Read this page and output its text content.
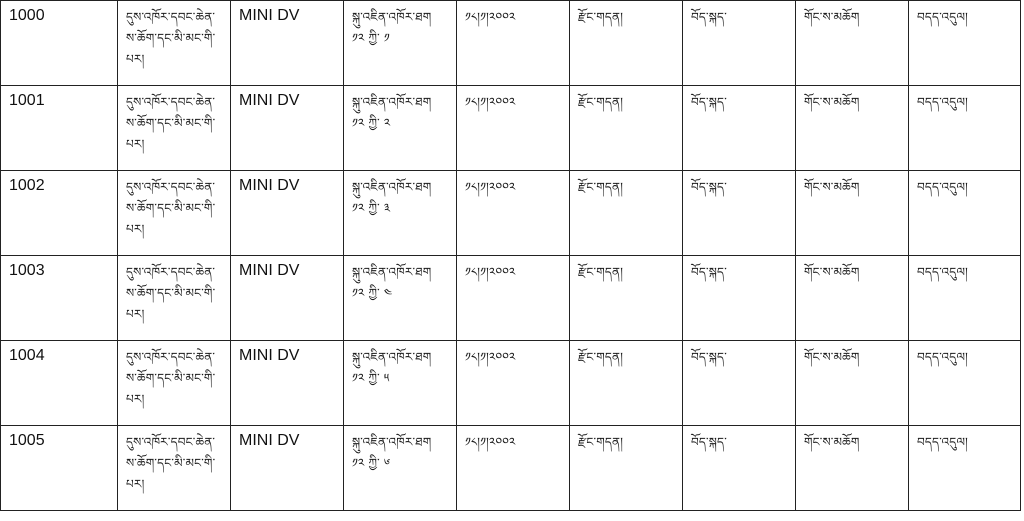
1000	དུས་འཁོར་དབང་ཆེན་
ས་ཆོག་དང་མི་མང་གི་
པར།	MINI DV	སྐུ་འཇིན་འཁོར་ཐག
༡༢ ཀྱི་ ༡	༡༨།༡།༢༠༠༢	རྫོང་གདན།	བོད་སྐད་	གོང་ས་མཆོག	བདད་འདུལ།

1001	དུས་འཁོར་དབང་ཆེན་
ས་ཆོག་དང་མི་མང་གི་
པར།	MINI DV	སྐུ་འཇིན་འཁོར་ཐག
༡༢ ཀྱི་ ༢	༡༨།༡།༢༠༠༢	རྫོང་གདན།	བོད་སྐད་	གོང་ས་མཆོག	བདད་འདུལ།

1002	དུས་འཁོར་དབང་ཆེན་
ས་ཆོག་དང་མི་མང་གི་
པར།	MINI DV	སྐུ་འཇིན་འཁོར་ཐག
༡༢ ཀྱི་ ༣	༡༨།༡།༢༠༠༢	རྫོང་གདན།	བོད་སྐད་	གོང་ས་མཆོག	བདད་འདུལ།

1003	དུས་འཁོར་དབང་ཆེན་
ས་ཆོག་དང་མི་མང་གི་
པར།	MINI DV	སྐུ་འཇིན་འཁོར་ཐག
༡༢ ཀྱི་ ༤	༡༨།༡།༢༠༠༢	རྫོང་གདན།	བོད་སྐད་	གོང་ས་མཆོག	བདད་འདུལ།

1004	དུས་འཁོར་དབང་ཆེན་
ས་ཆོག་དང་མི་མང་གི་
པར།	MINI DV	སྐུ་འཇིན་འཁོར་ཐག
༡༢ ཀྱི་ ༥	༡༨།༡།༢༠༠༢	རྫོང་གདན།	བོད་སྐད་	གོང་ས་མཆོག	བདད་འདུལ།

1005	དུས་འཁོར་དབང་ཆེན་
ས་ཆོག་དང་མི་མང་གི་
པར།	MINI DV	སྐུ་འཇིན་འཁོར་ཐག
༡༢ ཀྱི་ ༦	༡༨།༡།༢༠༠༢	རྫོང་གདན།	བོད་སྐད་	གོང་ས་མཆོག	བདད་འདུལ།
